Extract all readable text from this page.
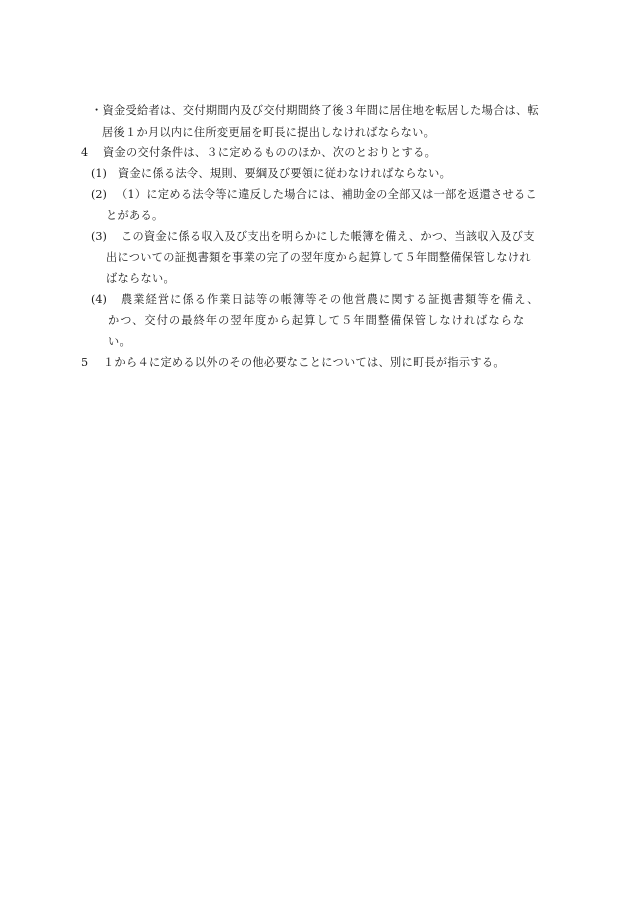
・資金受給者は、交付期間内及び交付期間終了後３年間に居住地を転居した場合は、転
居後１か月以内に住所変更届を町長に提出しなければならない。
4 資金の交付条件は、３に定めるもののほか、次のとおりとする。
(1) 資金に係る法令、規則、要綱及び要領に従わなければならない。
(2) （1）に定める法令等に違反した場合には、補助金の全部又は一部を返還させるこ
とがある。
(3) この資金に係る収入及び支出を明らかにした帳簿を備え、かつ、当該収入及び支
出についての証拠書類を事業の完了の翌年度から起算して５年間整備保管しなけれ
ばならない。
(4) 農業経営に係る作業日誌等の帳簿等その他営農に関する証拠書類等を備え、
かつ、交付の最終年の翌年度から起算して５年間整備保管しなければならな
い。
5 １から４に定める以外のその他必要なことについては、別に町長が指示する。
